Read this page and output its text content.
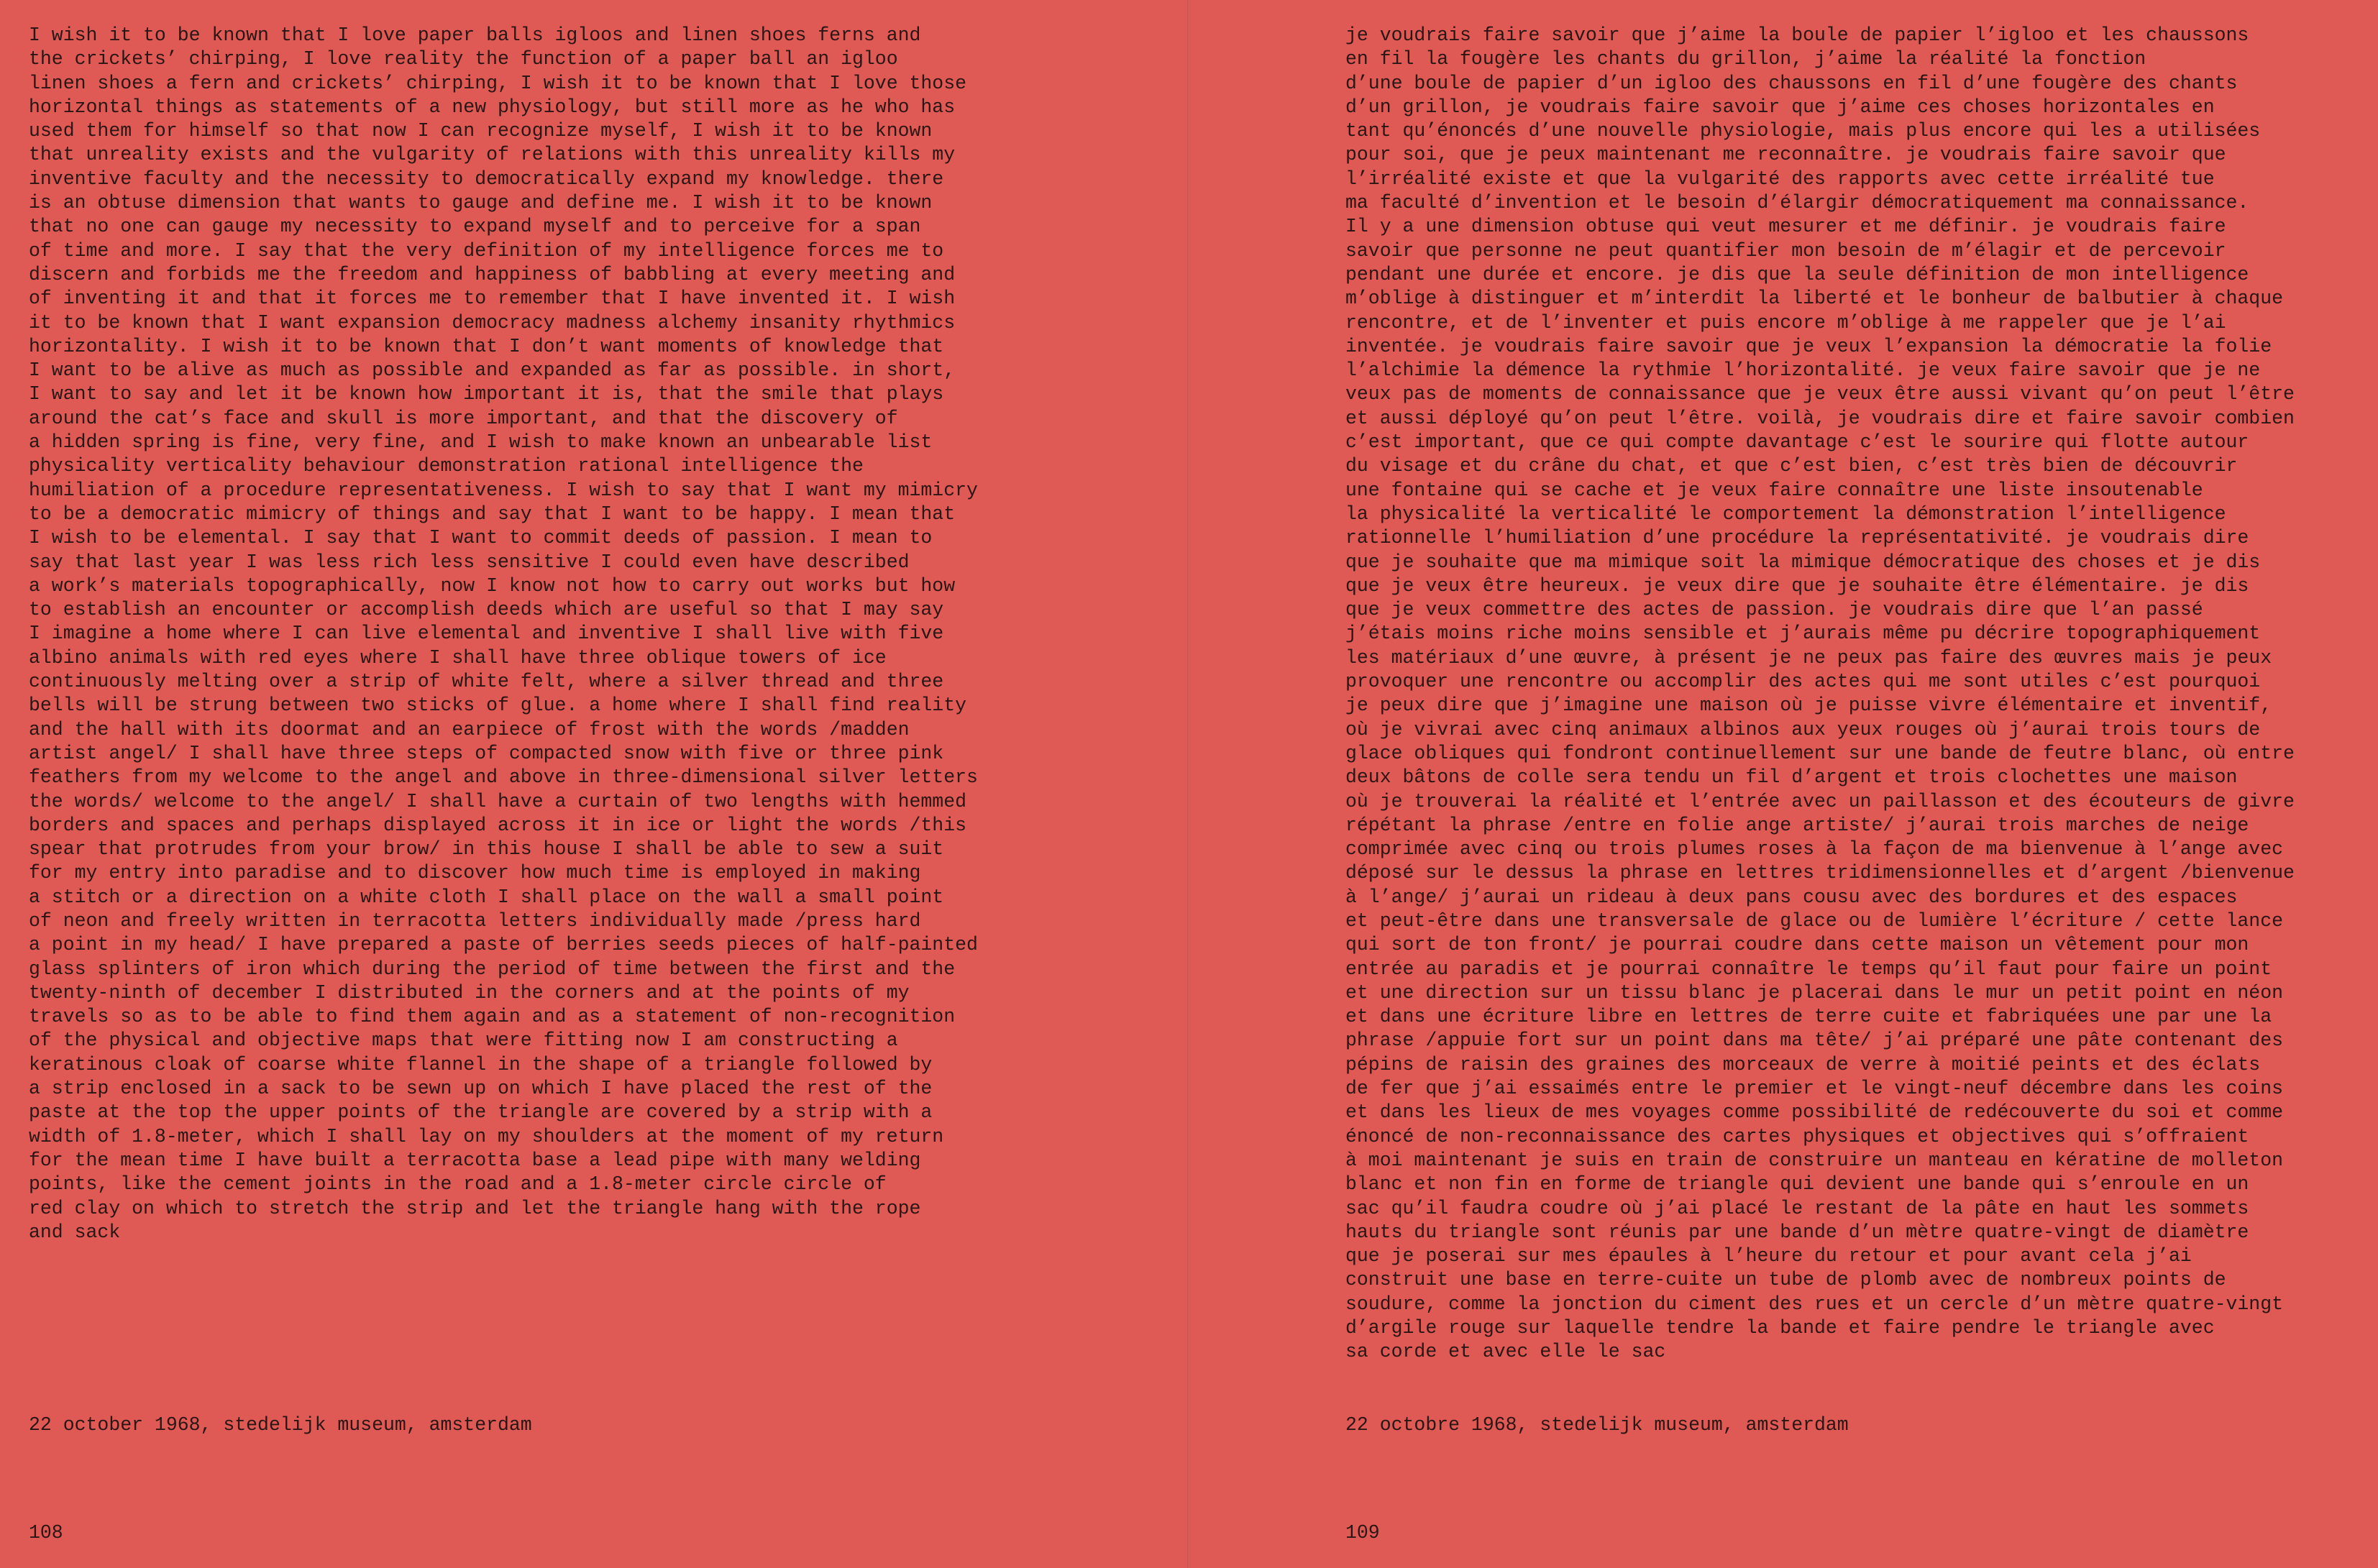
I wish it to be known that I love paper balls igloos and linen shoes ferns and
the crickets’ chirping, I love reality the function of a paper ball an igloo
linen shoes a fern and crickets’ chirping, I wish it to be known that I love those
horizontal things as statements of a new physiology, but still more as he who has
used them for himself so that now I can recognize myself, I wish it to be known
that unreality exists and the vulgarity of relations with this unreality kills my
inventive faculty and the necessity to democratically expand my knowledge. there
is an obtuse dimension that wants to gauge and define me. I wish it to be known
that no one can gauge my necessity to expand myself and to perceive for a span
of time and more. I say that the very definition of my intelligence forces me to
discern and forbids me the freedom and happiness of babbling at every meeting and
of inventing it and that it forces me to remember that I have invented it. I wish
it to be known that I want expansion democracy madness alchemy insanity rhythmics
horizontality. I wish it to be known that I don’t want moments of knowledge that
I want to be alive as much as possible and expanded as far as possible. in short,
I want to say and let it be known how important it is, that the smile that plays
around the cat’s face and skull is more important, and that the discovery of
a hidden spring is fine, very fine, and I wish to make known an unbearable list
physicality verticality behaviour demonstration rational intelligence the
humiliation of a procedure representativeness. I wish to say that I want my mimicry
to be a democratic mimicry of things and say that I want to be happy. I mean that
I wish to be elemental. I say that I want to commit deeds of passion. I mean to
say that last year I was less rich less sensitive I could even have described
a work’s materials topographically, now I know not how to carry out works but how
to establish an encounter or accomplish deeds which are useful so that I may say
I imagine a home where I can live elemental and inventive I shall live with five
albino animals with red eyes where I shall have three oblique towers of ice
continuously melting over a strip of white felt, where a silver thread and three
bells will be strung between two sticks of glue. a home where I shall find reality
and the hall with its doormat and an earpiece of frost with the words /madden
artist angel/ I shall have three steps of compacted snow with five or three pink
feathers from my welcome to the angel and above in three-dimensional silver letters
the words/ welcome to the angel/ I shall have a curtain of two lengths with hemmed
borders and spaces and perhaps displayed across it in ice or light the words /this
spear that protrudes from your brow/ in this house I shall be able to sew a suit
for my entry into paradise and to discover how much time is employed in making
a stitch or a direction on a white cloth I shall place on the wall a small point
of neon and freely written in terracotta letters individually made /press hard
a point in my head/ I have prepared a paste of berries seeds pieces of half-painted
glass splinters of iron which during the period of time between the first and the
twenty-ninth of december I distributed in the corners and at the points of my
travels so as to be able to find them again and as a statement of non-recognition
of the physical and objective maps that were fitting now I am constructing a
keratinous cloak of coarse white flannel in the shape of a triangle followed by
a strip enclosed in a sack to be sewn up on which I have placed the rest of the
paste at the top the upper points of the triangle are covered by a strip with a
width of 1.8-meter, which I shall lay on my shoulders at the moment of my return
for the mean time I have built a terracotta base a lead pipe with many welding
points, like the cement joints in the road and a 1.8-meter circle circle of
red clay on which to stretch the strip and let the triangle hang with the rope
and sack
22 october 1968, stedelijk museum, amsterdam
108
je voudrais faire savoir que j’aime la boule de papier l’igloo et les chaussons
en fil la fougère les chants du grillon, j’aime la réalité la fonction
d’une boule de papier d’un igloo des chaussons en fil d’une fougère des chants
d’un grillon, je voudrais faire savoir que j’aime ces choses horizontales en
tant qu’énoncés d’une nouvelle physiologie, mais plus encore qui les a utilisées
pour soi, que je peux maintenant me reconnaître. je voudrais faire savoir que
l’irréalité existe et que la vulgarité des rapports avec cette irréalité tue
ma faculté d’invention et le besoin d’élargir démocratiquement ma connaissance.
Il y a une dimension obtuse qui veut mesurer et me définir. je voudrais faire
savoir que personne ne peut quantifier mon besoin de m’élagir et de percevoir
pendant une durée et encore. je dis que la seule définition de mon intelligence
m’oblige à distinguer et m’interdit la liberté et le bonheur de balbutier à chaque
rencontre, et de l’inventer et puis encore m’oblige à me rappeler que je l’ai
inventée. je voudrais faire savoir que je veux l’expansion la démocratie la folie
l’alchimie la démence la rythmie l’horizontalité. je veux faire savoir que je ne
veux pas de moments de connaissance que je veux être aussi vivant qu’on peut l’être
et aussi déployé qu’on peut l’être. voilà, je voudrais dire et faire savoir combien
c’est important, que ce qui compte davantage c’est le sourire qui flotte autour
du visage et du crâne du chat, et que c’est bien, c’est très bien de découvrir
une fontaine qui se cache et je veux faire connaître une liste insoutenable
la physicalité la verticalité le comportement la démonstration l’intelligence
rationnelle l’humiliation d’une procédure la représentativité. je voudrais dire
que je souhaite que ma mimique soit la mimique démocratique des choses et je dis
que je veux être heureux. je veux dire que je souhaite être élémentaire. je dis
que je veux commettre des actes de passion. je voudrais dire que l’an passé
j’étais moins riche moins sensible et j’aurais même pu décrire topographiquement
les matériaux d’une œuvre, à présent je ne peux pas faire des œuvres mais je peux
provoquer une rencontre ou accomplir des actes qui me sont utiles c’est pourquoi
je peux dire que j’imagine une maison où je puisse vivre élémentaire et inventif,
où je vivrai avec cinq animaux albinos aux yeux rouges où j’aurai trois tours de
glace obliques qui fondront continuellement sur une bande de feutre blanc, où entre
deux bâtons de colle sera tendu un fil d’argent et trois clochettes une maison
où je trouverai la réalité et l’entrée avec un paillasson et des écouteurs de givre
répétant la phrase /entre en folie ange artiste/ j’aurai trois marches de neige
comprimée avec cinq ou trois plumes roses à la façon de ma bienvenue à l’ange avec
déposé sur le dessus la phrase en lettres tridimensionnelles et d’argent /bienvenue
à l’ange/ j’aurai un rideau à deux pans cousu avec des bordures et des espaces
et peut-être dans une transversale de glace ou de lumière l’écriture / cette lance
qui sort de ton front/ je pourrai coudre dans cette maison un vêtement pour mon
entrée au paradis et je pourrai connaître le temps qu’il faut pour faire un point
et une direction sur un tissu blanc je placerai dans le mur un petit point en néon
et dans une écriture libre en lettres de terre cuite et fabriquées une par une la
phrase /appuie fort sur un point dans ma tête/ j’ai préparé une pâte contenant des
pépins de raisin des graines des morceaux de verre à moitié peints et des éclats
de fer que j’ai essaimés entre le premier et le vingt-neuf décembre dans les coins
et dans les lieux de mes voyages comme possibilité de redécouverte du soi et comme
énoncé de non-reconnaissance des cartes physiques et objectives qui s’offraient
à moi maintenant je suis en train de construire un manteau en kératine de molleton
blanc et non fin en forme de triangle qui devient une bande qui s’enroule en un
sac qu’il faudra coudre où j’ai placé le restant de la pâte en haut les sommets
hauts du triangle sont réunis par une bande d’un mètre quatre-vingt de diamètre
que je poserai sur mes épaules à l’heure du retour et pour avant cela j’ai
construit une base en terre-cuite un tube de plomb avec de nombreux points de
soudure, comme la jonction du ciment des rues et un cercle d’un mètre quatre-vingt
d’argile rouge sur laquelle tendre la bande et faire pendre le triangle avec
sa corde et avec elle le sac
22 octobre 1968, stedelijk museum, amsterdam
109
